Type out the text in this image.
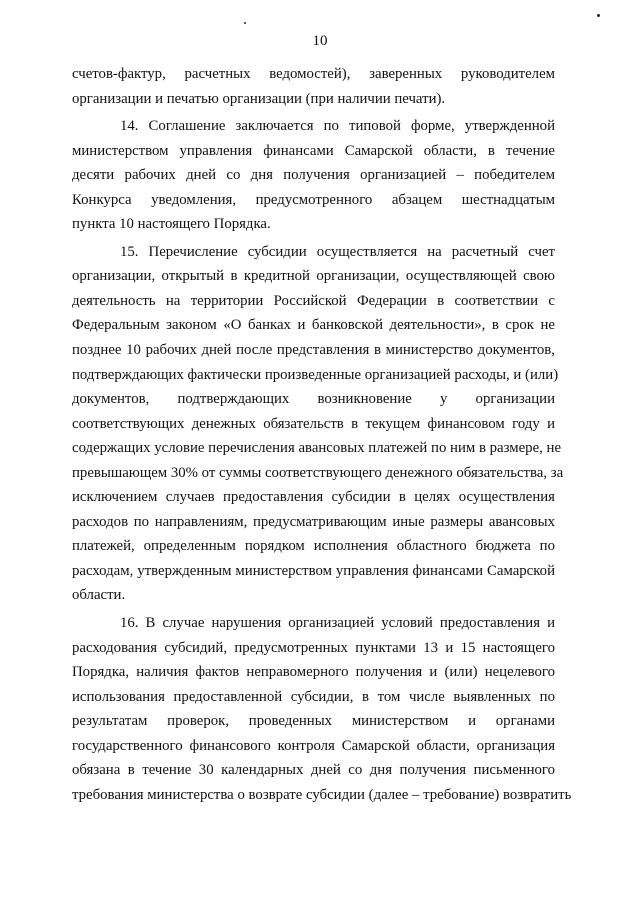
10
счетов-фактур, расчетных ведомостей), заверенных руководителем
организации и печатью организации (при наличии печати).
14. Соглашение заключается по типовой форме, утвержденной
министерством управления финансами Самарской области, в течение
десяти рабочих дней со дня получения организацией – победителем
Конкурса уведомления, предусмотренного абзацем шестнадцатым
пункта 10 настоящего Порядка.
15. Перечисление субсидии осуществляется на расчетный счет
организации, открытый в кредитной организации, осуществляющей свою
деятельность на территории Российской Федерации в соответствии с
Федеральным законом «О банках и банковской деятельности», в срок не
позднее 10 рабочих дней после представления в министерство документов,
подтверждающих фактически произведенные организацией расходы, и (или)
документов, подтверждающих возникновение у организации
соответствующих денежных обязательств в текущем финансовом году и
содержащих условие перечисления авансовых платежей по ним в размере, не
превышающем 30% от суммы соответствующего денежного обязательства, за
исключением случаев предоставления субсидии в целях осуществления
расходов по направлениям, предусматривающим иные размеры авансовых
платежей, определенным порядком исполнения областного бюджета по
расходам, утвержденным министерством управления финансами Самарской
области.
16. В случае нарушения организацией условий предоставления и
расходования субсидий, предусмотренных пунктами 13 и 15 настоящего
Порядка, наличия фактов неправомерного получения и (или) нецелевого
использования предоставленной субсидии, в том числе выявленных по
результатам проверок, проведенных министерством и органами
государственного финансового контроля Самарской области, организация
обязана в течение 30 календарных дней со дня получения письменного
требования министерства о возврате субсидии (далее – требование) возвратить
